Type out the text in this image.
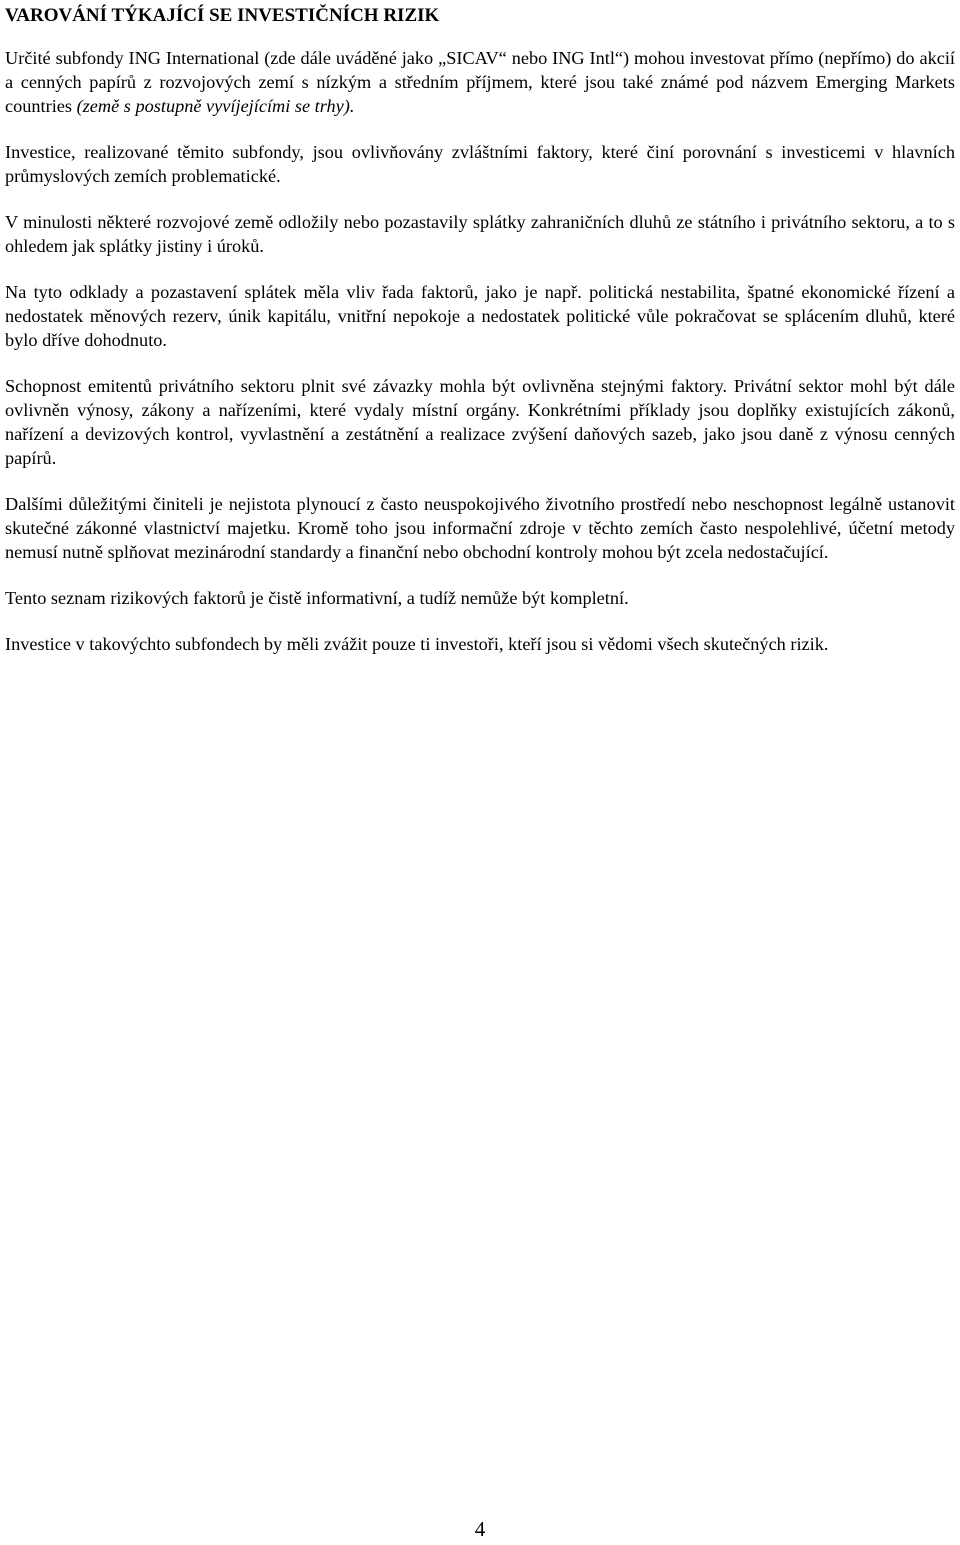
VAROVÁNÍ TÝKAJÍCÍ SE INVESTIČNÍCH RIZIK

Určité subfondy ING International (zde dále uváděné jako „SICAV“ nebo ING Intl“) mohou investovat přímo (nepřímo) do akcií a cenných papírů z rozvojových zemí s nízkým a středním příjmem, které jsou také známé pod názvem Emerging Markets countries (země s postupně vyvíjejícími se trhy).

Investice, realizované těmito subfondy, jsou ovlivňovány zvláštními faktory, které činí porovnání s investicemi v hlavních průmyslových zemích problematické.

V minulosti některé rozvojové země odložily nebo pozastavily splátky zahraničních dluhů ze státního i privátního sektoru, a to s ohledem jak splátky jistiny i úroků.

Na tyto odklady a pozastavení splátek měla vliv řada faktorů, jako je např. politická nestabilita, špatné ekonomické řízení a nedostatek měnových rezerv, únik kapitálu, vnitřní nepokoje a nedostatek politické vůle pokračovat se splácením dluhů, které bylo dříve dohodnuto.

Schopnost emitentů privátního sektoru plnit své závazky mohla být ovlivněna stejnými faktory. Privátní sektor mohl být dále ovlivněn výnosy, zákony a nařízeními, které vydaly místní orgány. Konkrétními příklady jsou doplňky existujících zákonů, nařízení a devizových kontrol, vyvlastnění a zestátnění a realizace zvýšení daňových sazeb, jako jsou daně z výnosu cenných papírů.

Dalšími důležitými činiteli je nejistota plynoucí z často neuspokojivého životního prostředí nebo neschopnost legálně ustanovit skutečné zákonné vlastnictví majetku. Kromě toho jsou informační zdroje v těchto zemích často nespolehlivé, účetní metody nemusí nutně splňovat mezinárodní standardy a finanční nebo obchodní kontroly mohou být zcela nedostačující.

Tento seznam rizikových faktorů je čistě informativní, a tudíž nemůže být kompletní.

Investice v takovýchto subfondech by měli zvážit pouze ti investoři, kteří jsou si vědomi všech skutečných rizik.

4
